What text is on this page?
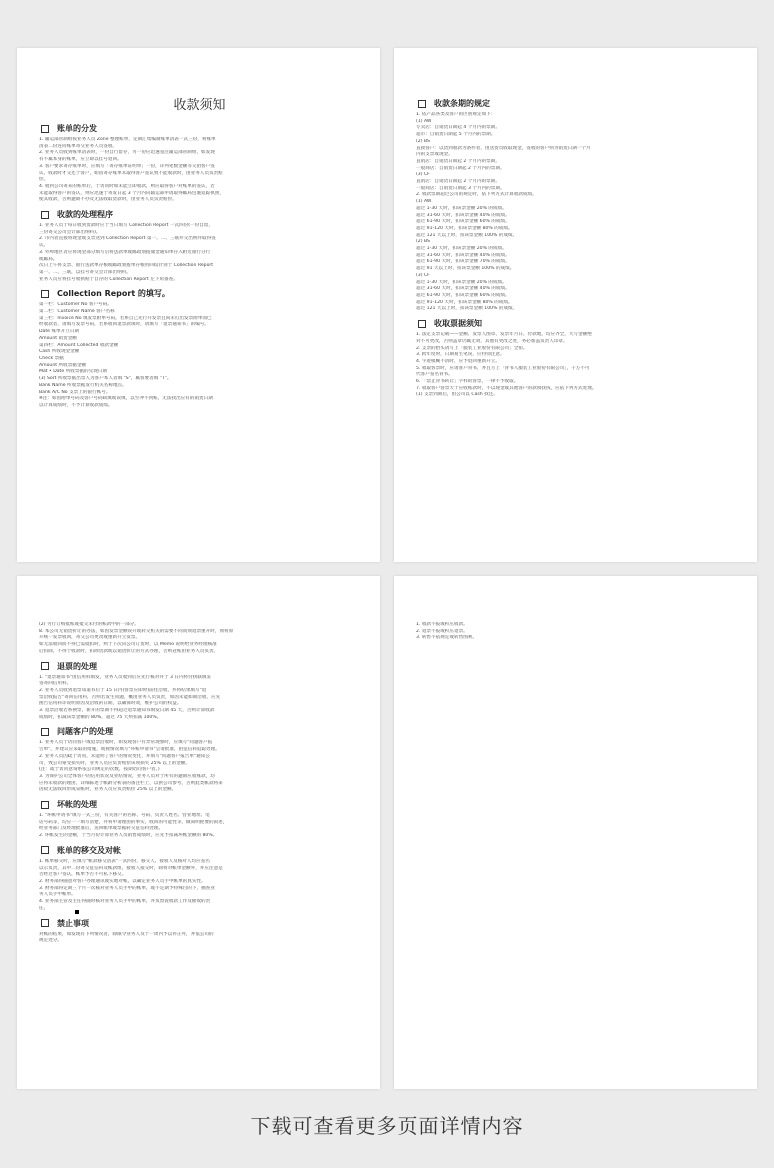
收款须知
账单的分发
1. 辅运部管制组按业务人员 Zone 整理账单，定期汇集编制账单清表一式三份，将账单
清表二份连同账单寄交业务人员签收。
2. 业务人员收到账单清表时，一份自行留存，另一份应迅速签注辅运部管制组，如发现
有不属本身的账单，应立即以挂号退回。
3. 客户要求寄存账单时，应填写「寄存账单证明单」一份，详列笔数金额等交由客户签
认，收款时才交还于客户，如因寄存账单未取得客户签认致不能收款时，由业务人员负责赔
偿。
4. 收到公司寄来的账单后，于访问时如未能立即收款，则应取得客户对账单的签认，若
未能取得客户的签认，则应迅速于寄发日起 3 个月内向辅运部申请取得邮局包裹追踪执照，
使其收款，否则逾期不办及无法收取货款时，由业务人员负责赔偿。
收款的处理程序
1. 业务人员于每日收到货款时应于当日填写 Collection Report 一式四份(一份自留，
三份寄交公司会计部出纳科)。
2. 市内者直接将现金或支票送到 Collection Report 第一、二、三联并交出纳并取得签
认。
3. 外埠地区者应将现金部分填写后将送款单或邮政划拨储金通知单存入附近银行分行
或邮局。
次日上午将支票、银行送款单存根或邮政划拨单存根用回纹针别于 Collection Report
第一、二、三联，以挂号寄交会计部出纳科。
业务人员应将挂号收执贴于自存的 Collection Report 左下角备查。
Collection Report 的填写。
第一栏：Customer No 客户号码。
第二栏：Customer Name 客户名称
第三栏：Invoice No 填发票附单号码。若系自己先行开发票且尚未打出发票附单而已
经收款者，请填写发票号码，若系收回退票款项时，请填写「退票通知书」的编号。
Date 账单开立日期
Amount 销货金额
第四栏：Amount Collected 收款金额
Cash 所收现金金额
Check 票据
Amount 所收票据金额
Mat • Date 所收票据的兑现日期
(3) Sort 所收票据出票人为客户本人者填 "S"，属客要者填 "T"。
Bank Name 所收票据发行机关名称地点。
Bank A/C No 支票上的银行帐号。
※注：如因附单号码及客户号码缺填或误填，以至冲不到账，无法找出应有的销货日期
以计算成绩时，不予计算收款成绩。
收款条期的规定
1. 依产品各类及客户的区别规定如下：
(1) AW
专卖店：自销货日期起 4 个月内的票期。
超市：自销货日期起 5 个月内的票期。
(2) BS
直接客户：以货到收款为条件者，由送货员收取现金，签收的客户则为销货日期一个月
内的支票或现金。
直销店：自销货日期起 2 个月内的票期。
一般商店：自销货日期起 2 个月内的票期。
(3) CF
直销店：自销货日期起 2 个月内的票期。
一般商店：自销货日期起 3 个月内的票期。
2. 收款票期超过公司的规定时，依下列方式计算收款成绩。
(1) AW
超过 1-30 天时，扣该票金额 20% 的成绩。
超过 31-60 天时，扣该票金额 40% 的成绩。
超过 61-90 天时，扣该票金额 60% 的成绩。
超过 91-120 天时，扣该票金额 80% 的成绩。
超过 121 天以上时，扣该票金额 100% 的成绩。
(2) BS
超过 1-30 天时，扣该票金额 20% 的成绩。
超过 31-60 天时，扣该票金额 40% 的成绩。
超过 61-90 天时，扣该票金额 70% 的成绩。
超过 91 天以上时，扣该票金额 100% 的成绩。
(3) CF
超过 1-30 天时，扣该票金额 20% 的成绩。
超过 31-60 天时，扣该票金额 40% 的成绩。
超过 61-90 天时，扣该票金额 60% 的成绩。
超过 91-120 天时，扣该票金额 80% 的成绩。
超过 121 天以上时，扣该票金额 100% 的成绩。
收取票据须知
1. 法定支票记载——金额、发票人图章、发票年月日、付款地，均应齐全，大写金额绝
对不可更改，否则盖章仍属无效，其他有更改之处，务必加盖负责人印章。
2. 支票的抬头请写上「服装工业股份有限公司」全衔。
3. 跨年度时，日期易生笔误，应特别注意。
4. 字迹模糊不清时，应予退回重新开立。
5. 收取客票时，应请客户背书，并且写上「背书人服装工业股份有限公司」，千万不可
代客户签名背书。
6. 「禁止背书转让」字样的客票，一律不予收取。
7. 收取客户客票大于应收账款时，不以现金或其他客户的款项找钱，应依下列方式处理。
(1) 支票到期后，由公司以 Cash 找还。
(2) 另行订购抵账或抵交未付的账款中的一部分。
8. 本公司无销货折让的办法，如因发票金额误开或转交机关的需要不同而须退票重开时，须将原
开统一发票收回，寄交公司更改或重新开立发票。
如无法收回而不得已需抵扣时，则于下次向公司订货时，以 Memo 说明给业务经理核准
后扣除，不得于收款时，扣除货款或以销货折让的方式办理，否则冠账由业务人员负责。
退票的处理
1. "退票通知书"由信用科填发，业务人员收到后应先行核对并于 3 日内将付执联填妥
签寄回信用科。
2. 业务人员收到退票知道书后于 15 日内(客票应即时)前往洽收，并将结果填写"退
票洽收报告"寄回信用科，否则若发生问题，概由业务人员负责，如因未能如期洽收，应先
函告信用科详说明原因及洽收的日期，以确保时效，维护公司的权益。
3. 退票洽收若系换票，新开的票期不得超过退票通知书填发日期 45 天，否则计算收款
成绩时，扣减该票金额的 80%，超过 75 天则扣减 100%。
问题客户的处理
1. 业务人员于访问客户或退票洽收时，如发现客户有异常现象时，应填写"问题客户报
告单"，并建议应采取的措施，或视情况填写"坏账申请书"呈请批准，由征信科追踪处理。
2. 业务人员因疏于访问，未能明了客户的情况变化，并填写"问题客户报告单"通知公
司，致公司蒙受损失时，业务人员应负责赔偿该项损失 25% 以上的金额。
(注：疏于访问意谓系依公司规定的次数，按期访问客户者。)
3. 为保护公司全体客户的信用状况及业结情况，业务人员对于所有的逾期应收账款，均
应将未收款的理由，详细陈述于帐龄分析表的备注栏上，以供公司参考，否则此类帐款将来
因故无法收回形成呆帐时，业务人员应负责赔偿 25% 以上的金额。
坏帐的处理
1. "坏帐申请书"填写一式三份，有关客户的名称、号码、负责人姓名、营业地址、电
话号码等，均应一一填写清楚，并将申请理由的事实，收回的可能性等，做简明扼要的叙述，
经业务部门及经理批准后，送回帐单或票据转交征信科处理。
2. 坏帐发生的金额，于当月份计算业务人员销售成绩时，应先予扣减坏帐金额的 80%。
账单的移交及对帐
1. 帐单移交时，应填写"帐款移交清表"一式四份，移交人、接收人及核对人均应签名
以示负责，其中二份寄交征信科及帐款组，接收人接交时，除将对帐单金额外，并应注意是
否经过客户签认，帐单予否不可私下移交。
2. 财务部得随意对客户办理通讯或实地对帐，以确定业务人员手中帐单的真实性。
3. 财务部得定期三个月一次核对业务人员手中的帐单，或不定期予特殊目的下，抽查业
务人员手中帐单。
4. 业务部主管及主任得随时核对业务人员手中的帐单，并负督促收款工作及催收的责
任。
禁止事项
对帐的结果，如发现有下列情况者，除限令业务人员十一周内予以补正外，并依公司的
规定处分。
1. 收款不报或积压收款。
2. 退票不报或积压退票。
3. 转售不依规定或转售图利。
下载可查看更多页面详情内容
